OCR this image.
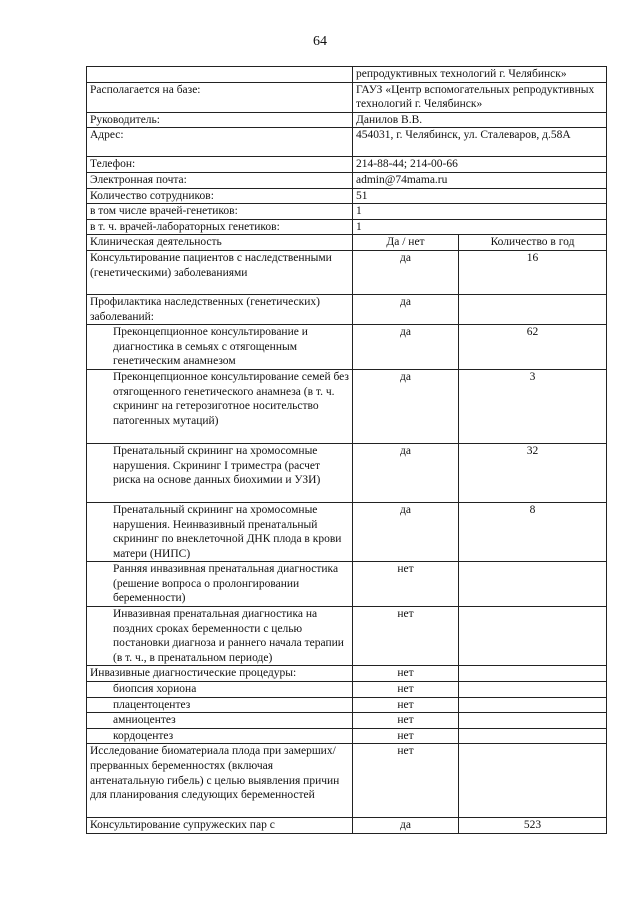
64
	репродуктивных технологий г. Челябинск»	
Располагается на базе:	ГАУЗ «Центр вспомогательных репродуктивных технологий г. Челябинск»	
Руководитель:	Данилов В.В.	
Адрес:	454031, г. Челябинск, ул. Сталеваров, д.58А	
Телефон:	214-88-44; 214-00-66	
Электронная почта:	admin@74mama.ru	
Количество сотрудников:	51	
в том числе врачей-генетиков:	1	
в т. ч. врачей-лабораторных генетиков:	1	
Клиническая деятельность	Да / нет	Количество в год
Консультирование пациентов с наследственными (генетическими) заболеваниями	да	16
Профилактика наследственных (генетических) заболеваний:	да	
Преконцепционное консультирование и диагностика в семьях с отягощенным генетическим анамнезом	да	62
Преконцепционное консультирование семей без отягощенного генетического анамнеза (в т. ч. скрининг на гетерозиготное носительство патогенных мутаций)	да	3
Пренатальный скрининг на хромосомные нарушения. Скрининг I триместра (расчет риска на основе данных биохимии и УЗИ)	да	32
Пренатальный скрининг на хромосомные нарушения. Неинвазивный пренатальный скрининг по внеклеточной ДНК плода в крови матери (НИПС)	да	8
Ранняя инвазивная пренатальная диагностика (решение вопроса о пролонгировании беременности)	нет	
Инвазивная пренатальная диагностика на поздних сроках беременности с целью постановки диагноза и раннего начала терапии (в т. ч., в пренатальном периоде)	нет	
Инвазивные диагностические процедуры:	нет	
биопсия хориона	нет	
плацентоцентез	нет	
амниоцентез	нет	
кордоцентез	нет	
Исследование биоматериала плода при замерших/прерванных беременностях (включая антенатальную гибель) с целью выявления причин для планирования следующих беременностей	нет	
Консультирование супружеских пар с	да	523
